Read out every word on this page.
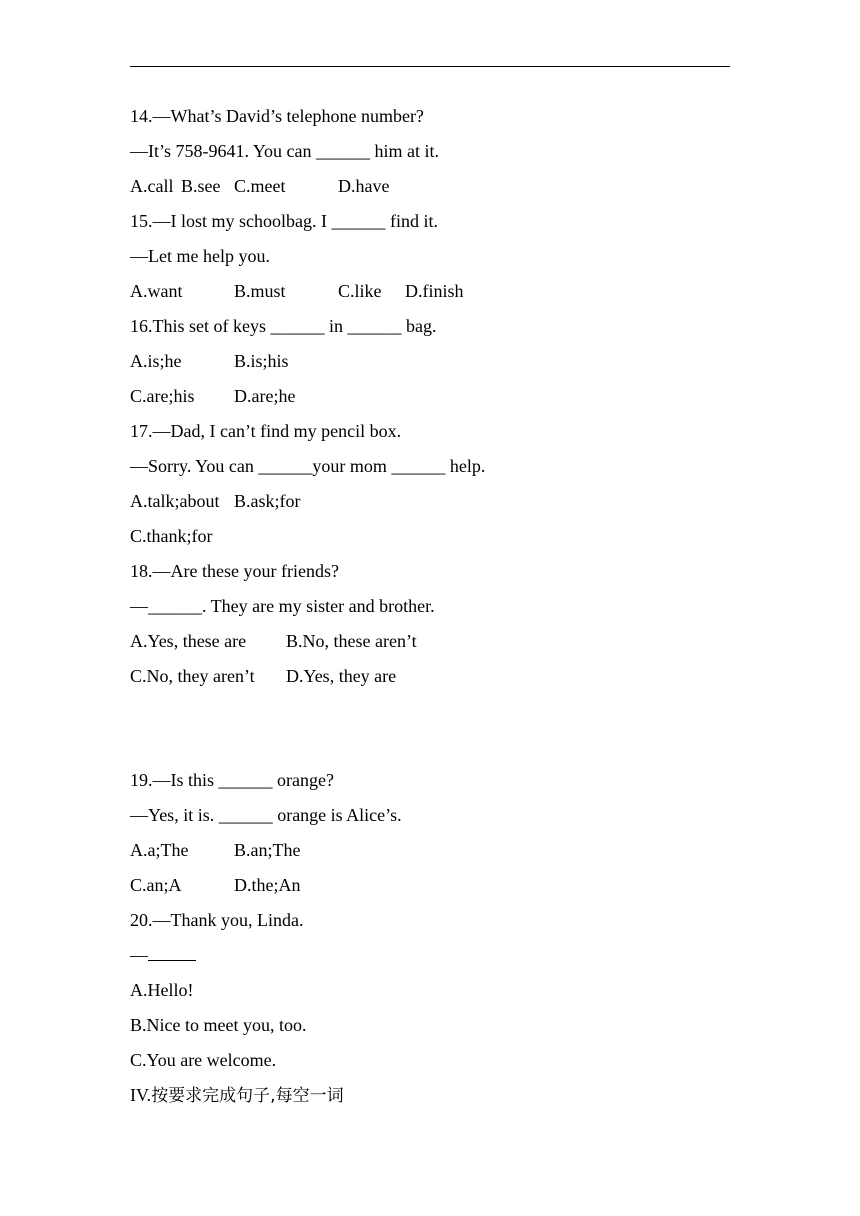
14.—What’s David’s telephone number?
—It’s 758-9641. You can ______ him at it.
A.call B.see C.meet	D.have
15.—I lost my schoolbag. I ______ find it.
—Let me help you.
A.want	B.must	C.like D.finish
16.This set of keys ______ in ______ bag.
A.is;he	B.is;his
C.are;his D.are;he
17.—Dad, I can’t find my pencil box.
—Sorry. You can ______your mom ______ help.
A.talk;about B.ask;for
C.thank;for
18.—Are these your friends?
—______. They are my sister and brother.
A.Yes, these are B.No, these aren’t
C.No, they aren’t D.Yes, they are
19.—Is this ______ orange?
—Yes, it is. ______ orange is Alice’s.
A.a;The	B.an;The
C.an;A	D.the;An
20.—Thank you, Linda.
—
A.Hello!
B.Nice to meet you, too.
C.You are welcome.
IV.按要求完成句子,每空一词
